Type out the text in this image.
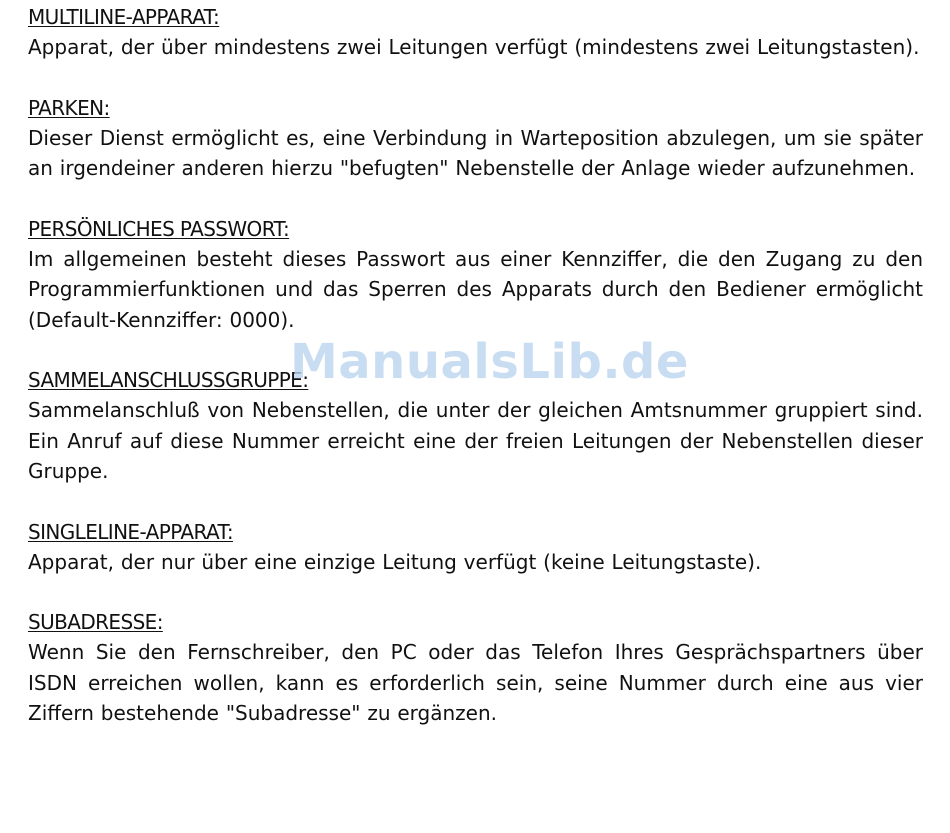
MULTILINE-APPARAT:

Apparat, der über mindestens zwei Leitungen verfügt (mindestens zwei Leitungstasten).

PARKEN:

Dieser Dienst ermöglicht es, eine Verbindung in Warteposition abzulegen, um sie später an irgendeiner anderen hierzu "befugten" Nebenstelle der Anlage wieder aufzunehmen.

PERSÖNLICHES PASSWORT:

Im allgemeinen besteht dieses Passwort aus einer Kennziffer, die den Zugang zu den Programmierfunktionen und das Sperren des Apparats durch den Bediener ermöglicht (Default-Kennziffer: 0000).

SAMMELANSCHLUSSGRUPPE:

Sammelanschluß von Nebenstellen, die unter der gleichen Amtsnummer gruppiert sind. Ein Anruf auf diese Nummer erreicht eine der freien Leitungen der Nebenstellen dieser Gruppe.

SINGLELINE-APPARAT:

Apparat, der nur über eine einzige Leitung verfügt (keine Leitungstaste).

SUBADRESSE:

Wenn Sie den Fernschreiber, den PC oder das Telefon Ihres Gesprächspartners über ISDN erreichen wollen, kann es erforderlich sein, seine Nummer durch eine aus vier Ziffern bestehende "Subadresse" zu ergänzen.

ManualsLib.de
